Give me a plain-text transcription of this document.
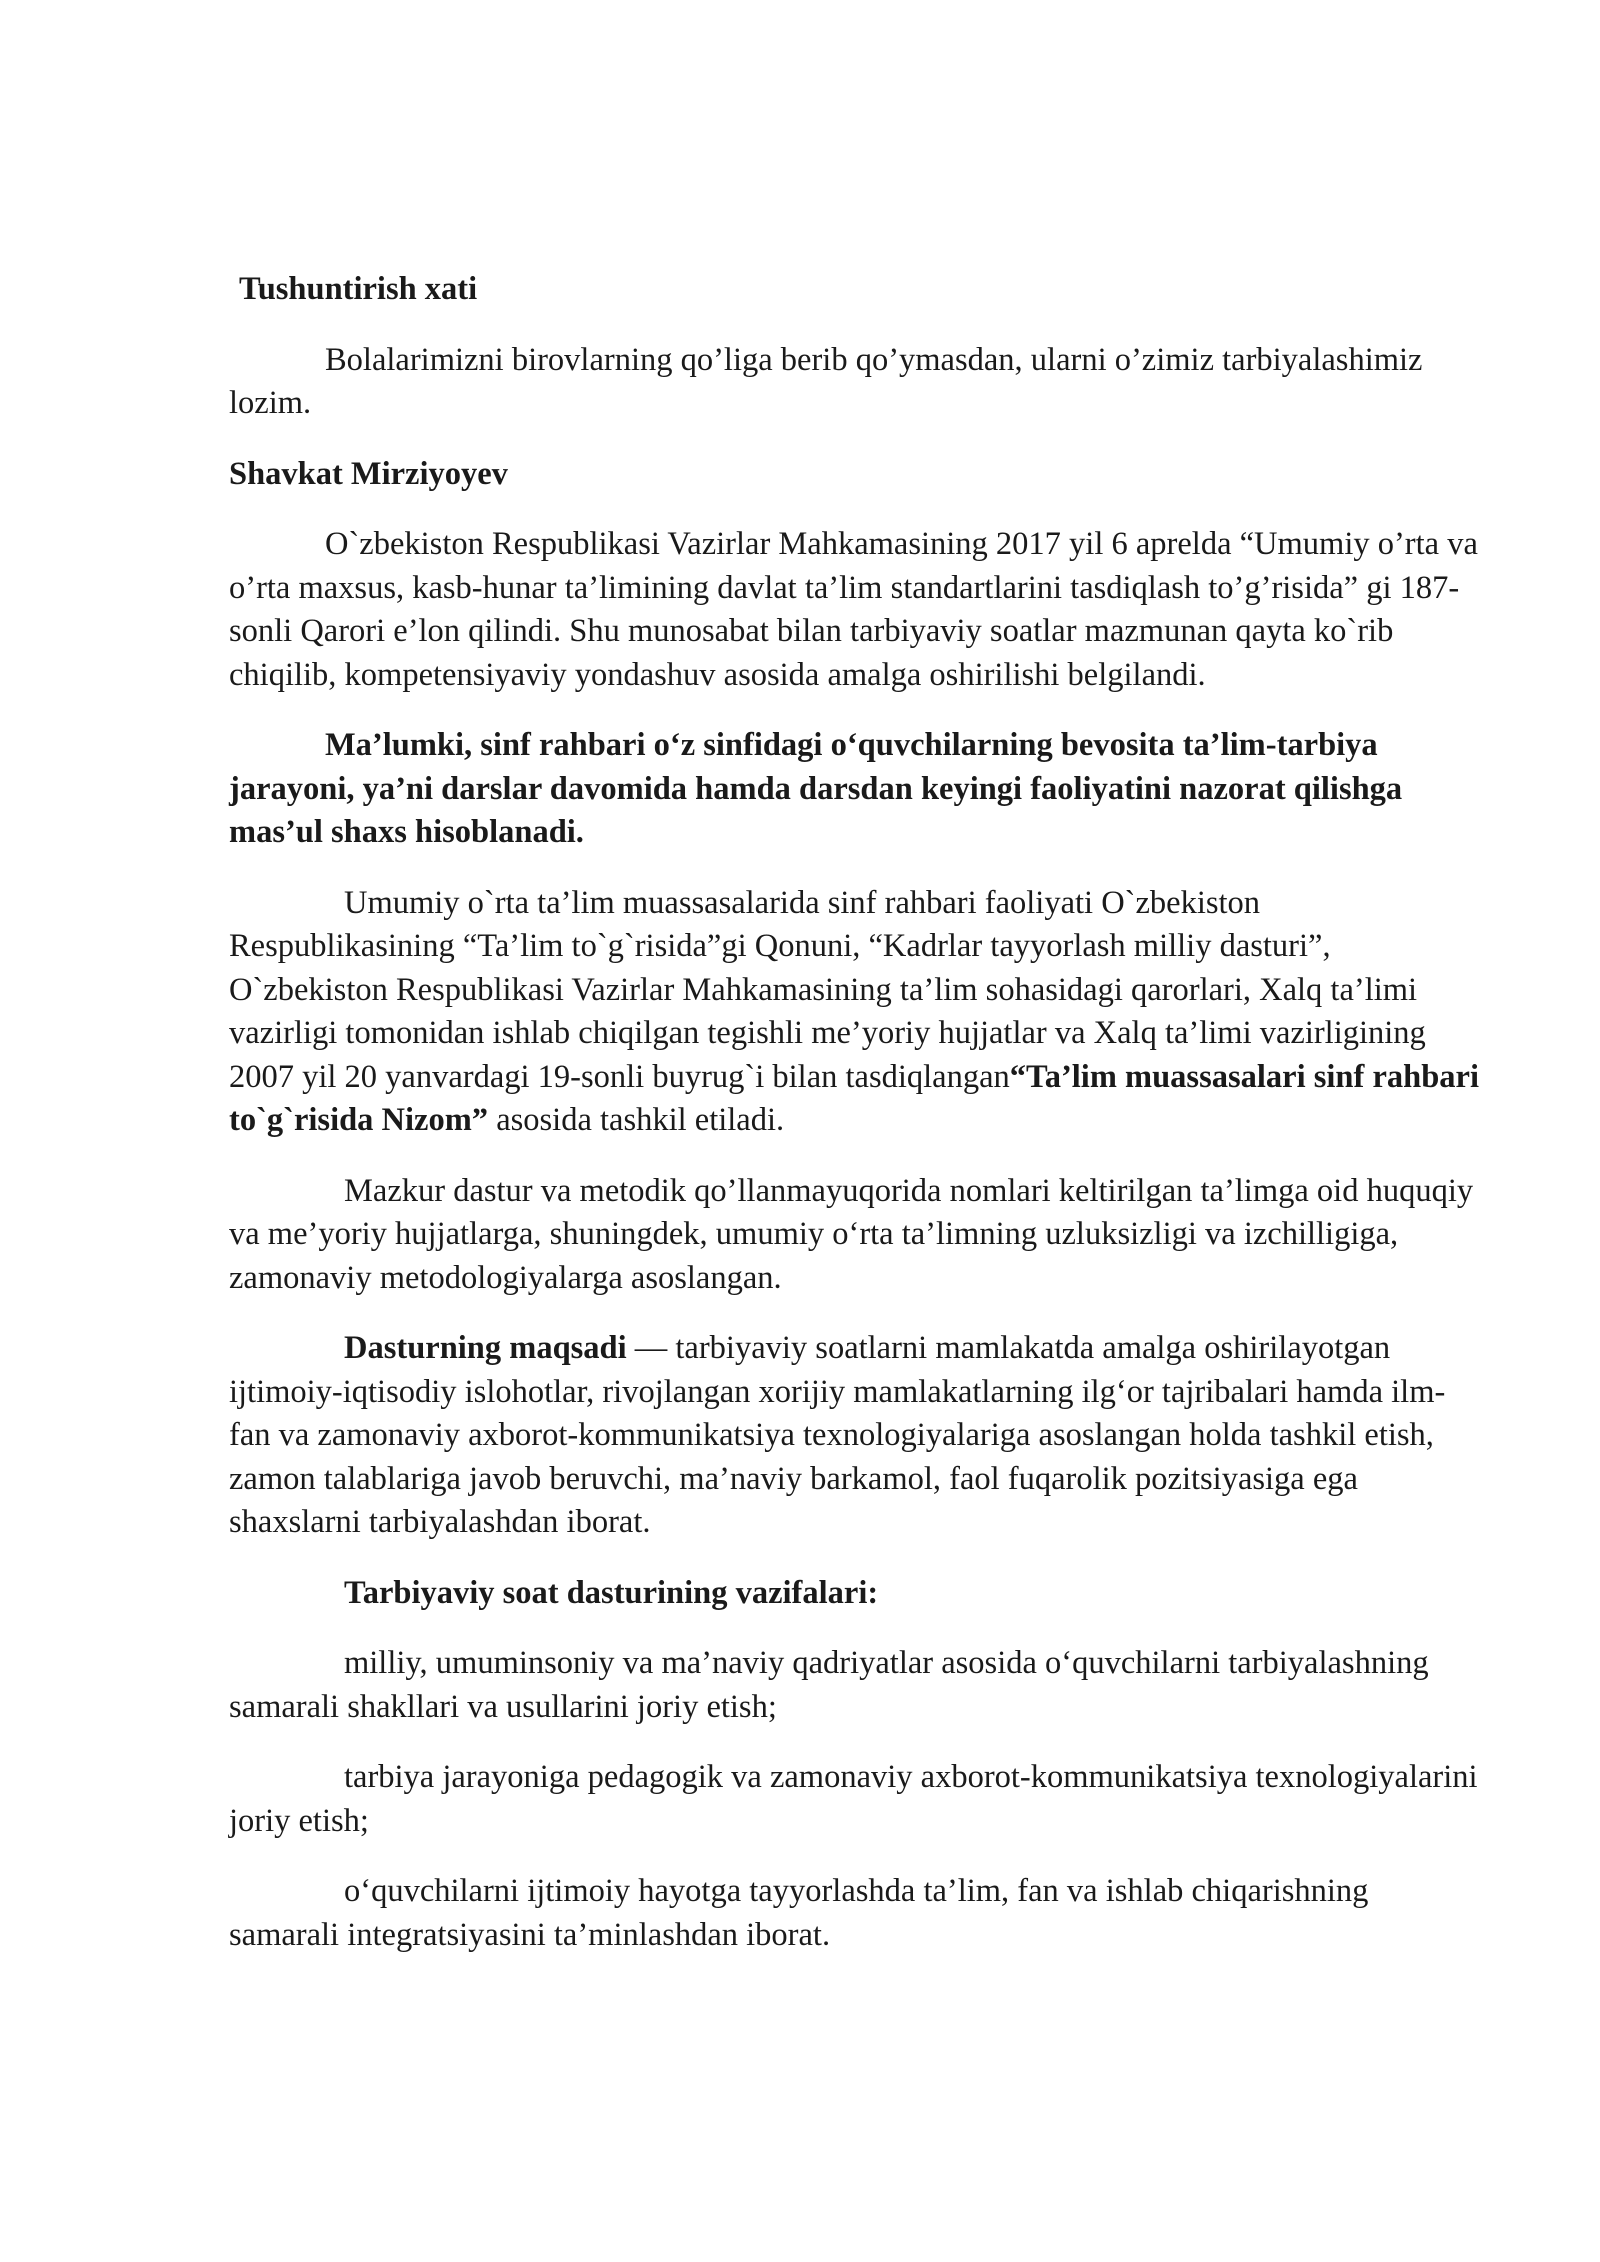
Tushuntirish xati

Bolalarimizni birovlarning qo’liga berib qo’ymasdan, ularni o’zimiz tarbiyalashimiz lozim.

Shavkat Mirziyoyev

O`zbekiston Respublikasi Vazirlar Mahkamasining 2017 yil 6 aprelda “Umumiy o’rta va o’rta maxsus, kasb-hunar ta’limining davlat ta’lim standartlarini tasdiqlash to’g’risida” gi 187-sonli Qarori e’lon qilindi. Shu munosabat bilan tarbiyaviy soatlar mazmunan qayta ko`rib chiqilib, kompetensiyaviy yondashuv asosida amalga oshirilishi belgilandi.

Ma’lumki, sinf rahbari o‘z sinfidagi o‘quvchilarning bevosita ta’lim-tarbiya jarayoni, ya’ni darslar davomida hamda darsdan keyingi faoliyatini nazorat qilishga mas’ul shaxs hisoblanadi.

Umumiy o`rta ta’lim muassasalarida sinf rahbari faoliyati O`zbekiston Respublikasining “Ta’lim to`g`risida”gi Qonuni, “Kadrlar tayyorlash milliy dasturi”, O`zbekiston Respublikasi Vazirlar Mahkamasining ta’lim sohasidagi qarorlari, Xalq ta’limi vazirligi tomonidan ishlab chiqilgan tegishli me’yoriy hujjatlar va Xalq ta’limi vazirligining 2007 yil 20 yanvardagi 19-sonli buyrug`i bilan tasdiqlangan“Ta’lim muassasalari sinf rahbari to`g`risida Nizom” asosida tashkil etiladi.

Mazkur dastur va metodik qo’llanmayuqorida nomlari keltirilgan ta’limga oid huquqiy va me’yoriy hujjatlarga, shuningdek, umumiy o‘rta ta’limning uzluksizligi va izchilligiga, zamonaviy metodologiyalarga asoslangan.

Dasturning maqsadi — tarbiyaviy soatlarni mamlakatda amalga oshirilayotgan ijtimoiy-iqtisodiy islohotlar, rivojlangan xorijiy mamlakatlarning ilg‘or tajribalari hamda ilm-fan va zamonaviy axborot-kommunikatsiya texnologiyalariga asoslangan holda tashkil etish, zamon talablariga javob beruvchi, ma’naviy barkamol, faol fuqarolik pozitsiyasiga ega shaxslarni tarbiyalashdan iborat.

Tarbiyaviy soat dasturining vazifalari:

milliy, umuminsoniy va ma’naviy qadriyatlar asosida o‘quvchilarni tarbiyalashning samarali shakllari va usullarini joriy etish;

tarbiya jarayoniga pedagogik va zamonaviy axborot-kommunikatsiya texnologiyalarini joriy etish;

o‘quvchilarni ijtimoiy hayotga tayyorlashda ta’lim, fan va ishlab chiqarishning samarali integratsiyasini ta’minlashdan iborat.
